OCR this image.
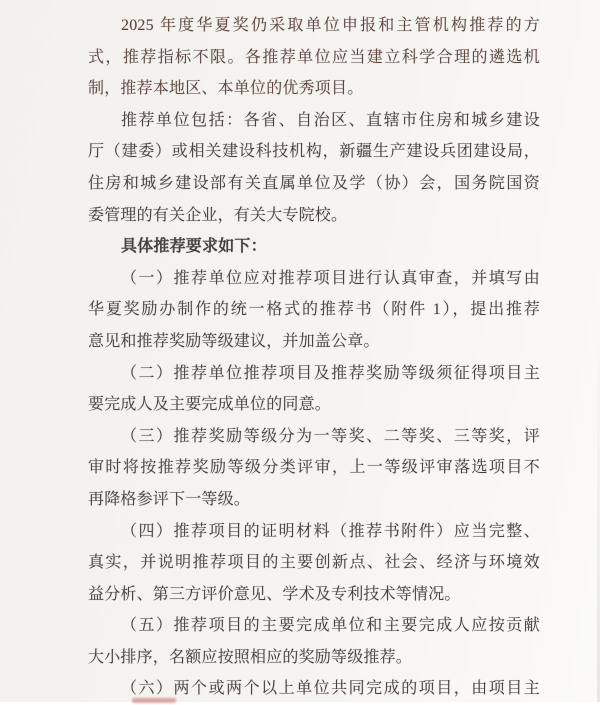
2025 年度华夏奖仍采取单位申报和主管机构推荐的方
式，推荐指标不限。各推荐单位应当建立科学合理的遴选机
制，推荐本地区、本单位的优秀项目。
推荐单位包括：各省、自治区、直辖市住房和城乡建设
厅（建委）或相关建设科技机构，新疆生产建设兵团建设局，
住房和城乡建设部有关直属单位及学（协）会，国务院国资
委管理的有关企业，有关大专院校。
具体推荐要求如下：
（一）推荐单位应对推荐项目进行认真审查，并填写由
华夏奖励办制作的统一格式的推荐书（附件 1），提出推荐
意见和推荐奖励等级建议，并加盖公章。
（二）推荐单位推荐项目及推荐奖励等级须征得项目主
要完成人及主要完成单位的同意。
（三）推荐奖励等级分为一等奖、二等奖、三等奖，评
审时将按推荐奖励等级分类评审，上一等级评审落选项目不
再降格参评下一等级。
（四）推荐项目的证明材料（推荐书附件）应当完整、
真实，并说明推荐项目的主要创新点、社会、经济与环境效
益分析、第三方评价意见、学术及专利技术等情况。
（五）推荐项目的主要完成单位和主要完成人应按贡献
大小排序，名额应按照相应的奖励等级推荐。
（六）两个或两个以上单位共同完成的项目，由项目主
